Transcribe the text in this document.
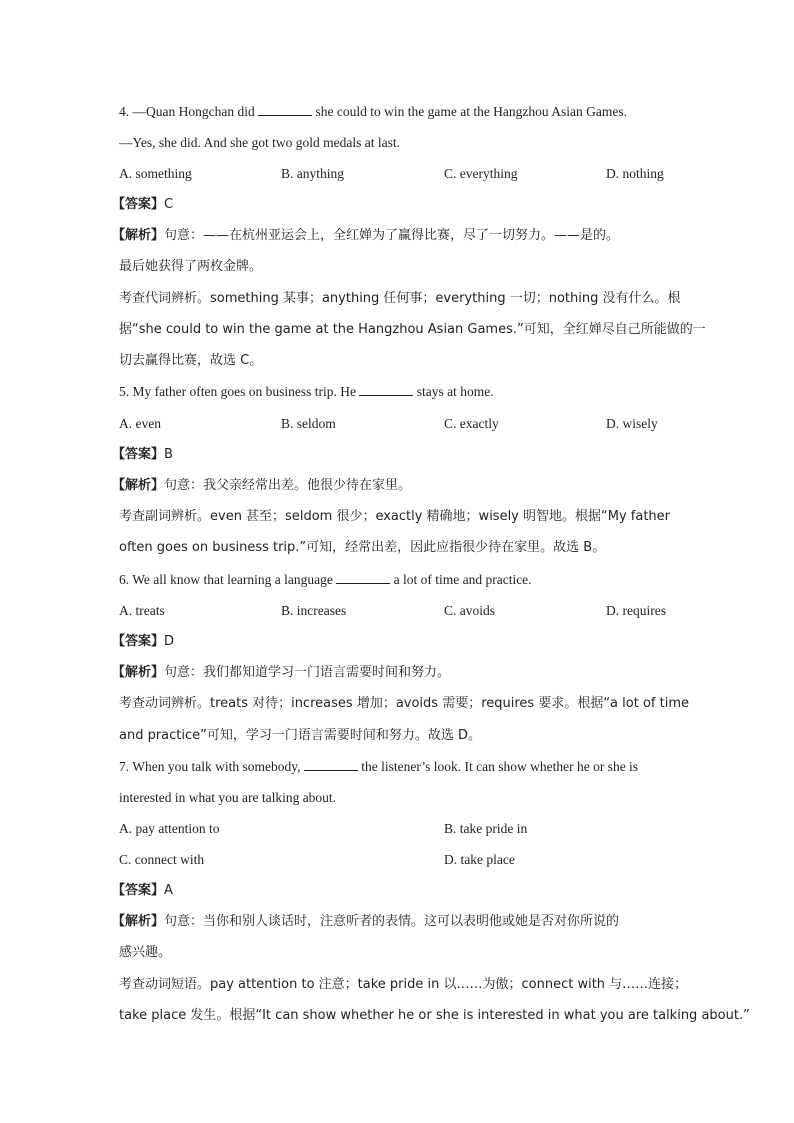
4. —Quan Hongchan did	she could to win the game at the Hangzhou Asian Games.
—Yes, she did. And she got two gold medals at last.
A. something	B. anything	C. everything	D. nothing
【答案】C
【解析】句意：——在杭州亚运会上，全红婵为了赢得比赛，尽了一切努力。——是的。
最后她获得了两枚金牌。
考查代词辨析。something 某事；anything 任何事；everything 一切；nothing 没有什么。根
据“she could to win the game at the Hangzhou Asian Games.”可知，全红婵尽自己所能做的一
切去赢得比赛，故选 C。
5. My father often goes on business trip. He	stays at home.
A. even	B. seldom	C. exactly	D. wisely
【答案】B
【解析】句意：我父亲经常出差。他很少待在家里。
考查副词辨析。even 甚至；seldom 很少；exactly 精确地；wisely 明智地。根据“My father
often goes on business trip.”可知，经常出差，因此应指很少待在家里。故选 B。
6. We all know that learning a language	a lot of time and practice.
A. treats	B. increases	C. avoids	D. requires
【答案】D
【解析】句意：我们都知道学习一门语言需要时间和努力。
考查动词辨析。treats 对待；increases 增加；avoids 需要；requires 要求。根据“a lot of time
and practice”可知，学习一门语言需要时间和努力。故选 D。
7. When you talk with somebody,	the listener’s look. It can show whether he or she is
interested in what you are talking about.
A. pay attention to	B. take pride in
C. connect with	D. take place
【答案】A
【解析】句意：当你和别人谈话时，注意听者的表情。这可以表明他或她是否对你所说的
感兴趣。
考查动词短语。pay attention to 注意；take pride in 以……为傲；connect with 与……连接；
take place 发生。根据“It can show whether he or she is interested in what you are talking about.”
